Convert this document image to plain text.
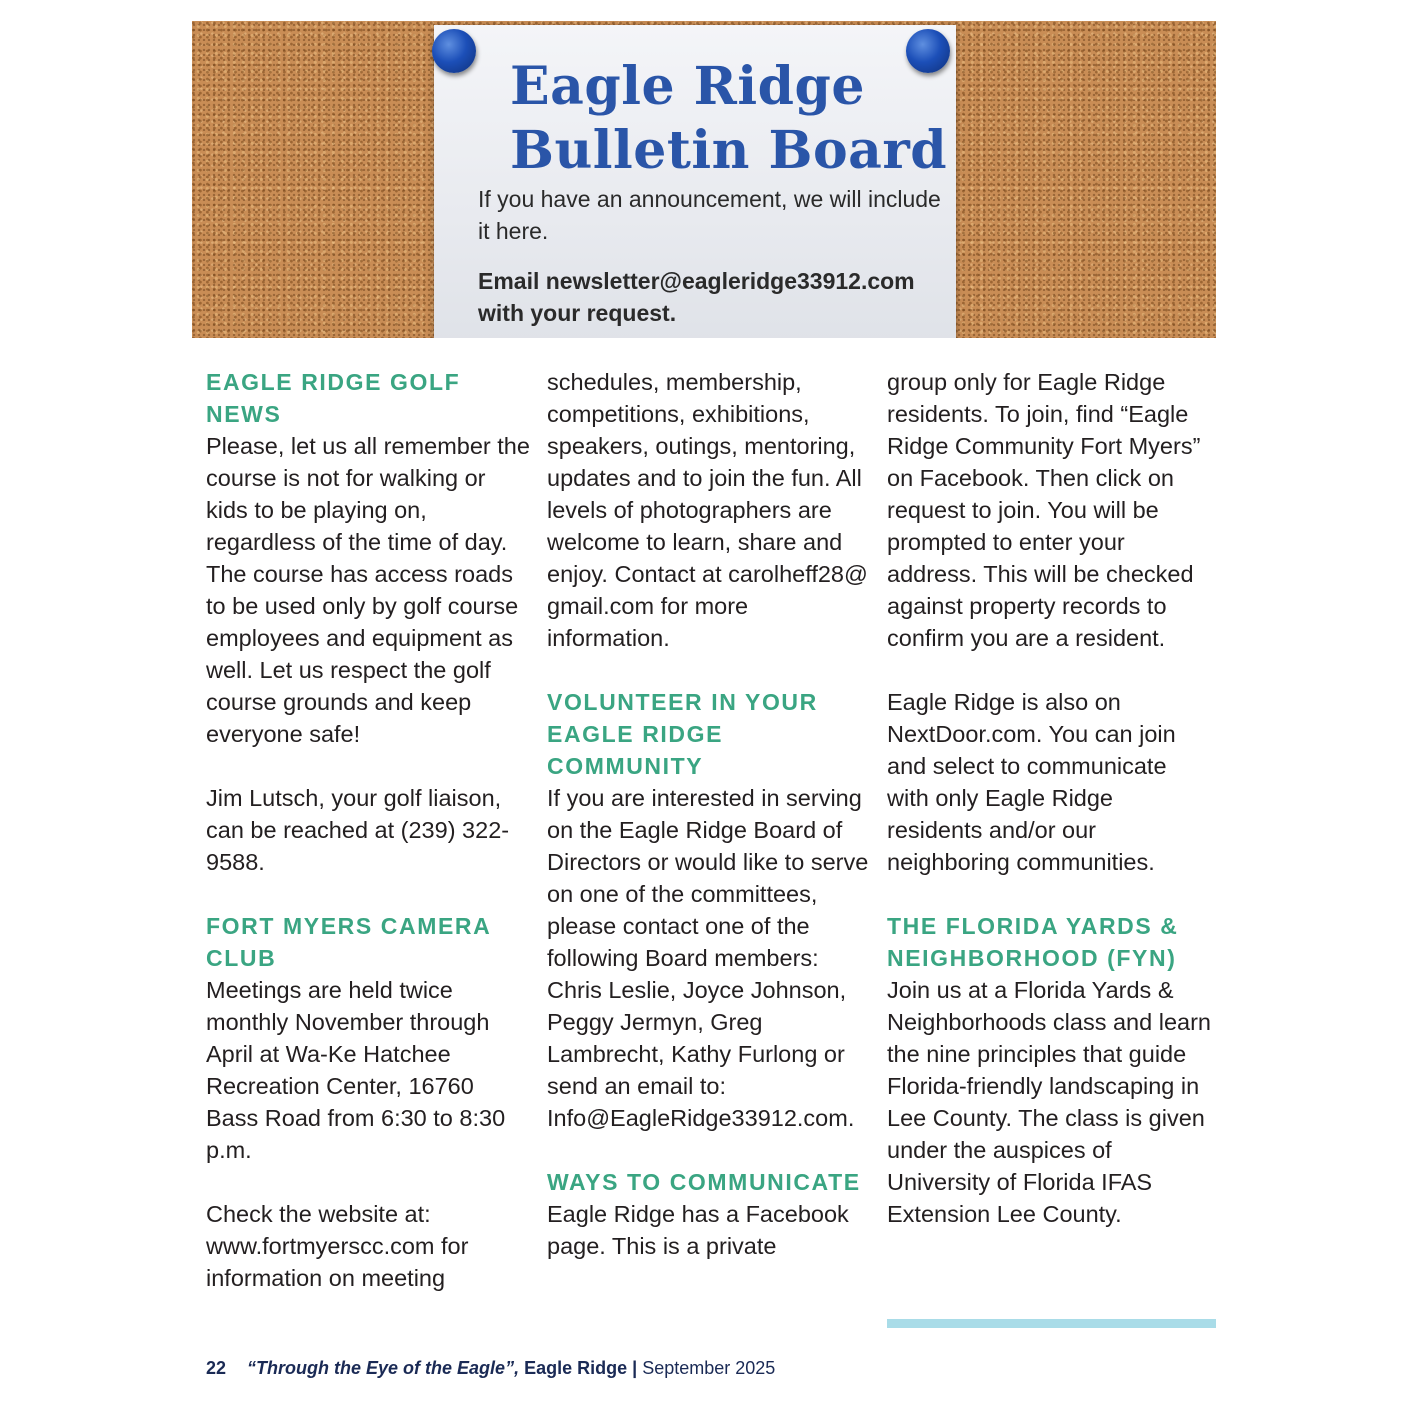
Eagle Ridge
Bulletin Board

If you have an announcement, we will include it here.

Email newsletter@eagleridge33912.com with your request.

EAGLE RIDGE GOLF NEWS

Please, let us all remember the course is not for walking or kids to be playing on, regardless of the time of day. The course has access roads to be used only by golf course employees and equipment as well. Let us respect the golf course grounds and keep everyone safe!

Jim Lutsch, your golf liaison, can be reached at (239) 322-
9588.

FORT MYERS CAMERA CLUB

Meetings are held twice monthly November through April at Wa-Ke Hatchee Recreation Center, 16760 Bass Road from 6:30 to 8:30 p.m.

Check the website at: www.fortmyerscc.com for information on meeting

schedules, membership, competitions, exhibitions, speakers, outings, mentoring, updates and to join the fun. All levels of photographers are welcome to learn, share and enjoy. Contact at carolheff28@
gmail.com for more information.

VOLUNTEER IN YOUR EAGLE RIDGE COMMUNITY

If you are interested in serving on the Eagle Ridge Board of Directors or would like to serve on one of the committees, please contact one of the following Board members: Chris Leslie, Joyce Johnson, Peggy Jermyn, Greg Lambrecht, Kathy Furlong or send an email to: Info@EagleRidge33912.com.

WAYS TO COMMUNICATE

Eagle Ridge has a Facebook page. This is a private

group only for Eagle Ridge residents. To join, find “Eagle Ridge Community Fort Myers” on Facebook. Then click on request to join. You will be prompted to enter your address. This will be checked against property records to confirm you are a resident.

Eagle Ridge is also on NextDoor.com. You can join and select to communicate with only Eagle Ridge residents and/or our neighboring communities.

THE FLORIDA YARDS & NEIGHBORHOOD (FYN)

Join us at a Florida Yards & Neighborhoods class and learn the nine principles that guide Florida-friendly landscaping in Lee County. The class is given under the auspices of University of Florida IFAS Extension Lee County.

22 “Through the Eye of the Eagle”, Eagle Ridge | September 2025
